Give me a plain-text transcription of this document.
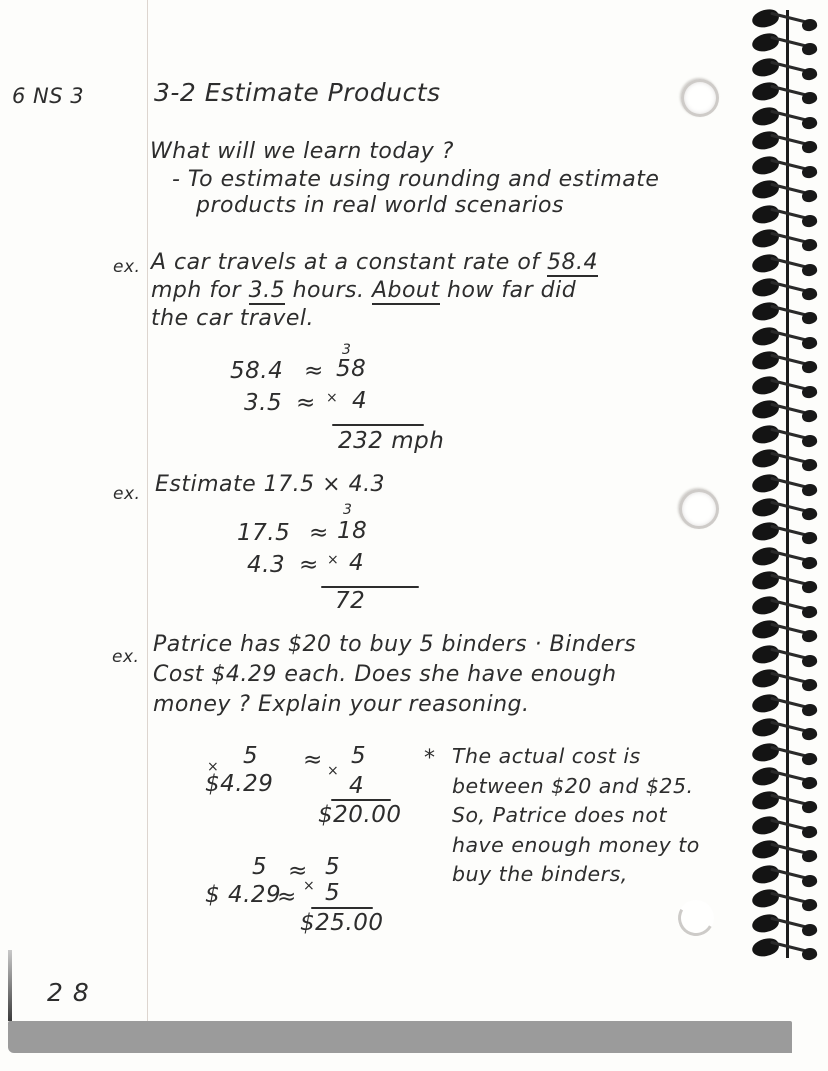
6 NS 3	3-2 Estimate Products
What will we learn today ?
- To estimate using rounding and estimate
products in real world scenarios
ex. A car travels at a constant rate of 58.4
mph for 3.5 hours. About how far did
the car travel.
3
58.4 ≈ 58
3.5 ≈ × 4
232 mph
ex. Estimate 17.5 × 4.3
3
17.5 ≈ 18
4.3 ≈ × 4
72
ex. Patrice has $20 to buy 5 binders · Binders
Cost $4.29 each. Does she have enough
money ? Explain your reasoning.
× 5
$4.29
≈ ×
5
4
$20.00
5 ≈ 5
$ 4.29
≈ × 5
$25.00
* The actual cost is
between $20 and $25.
So, Patrice does not
have enough money to
buy the binders,
28
